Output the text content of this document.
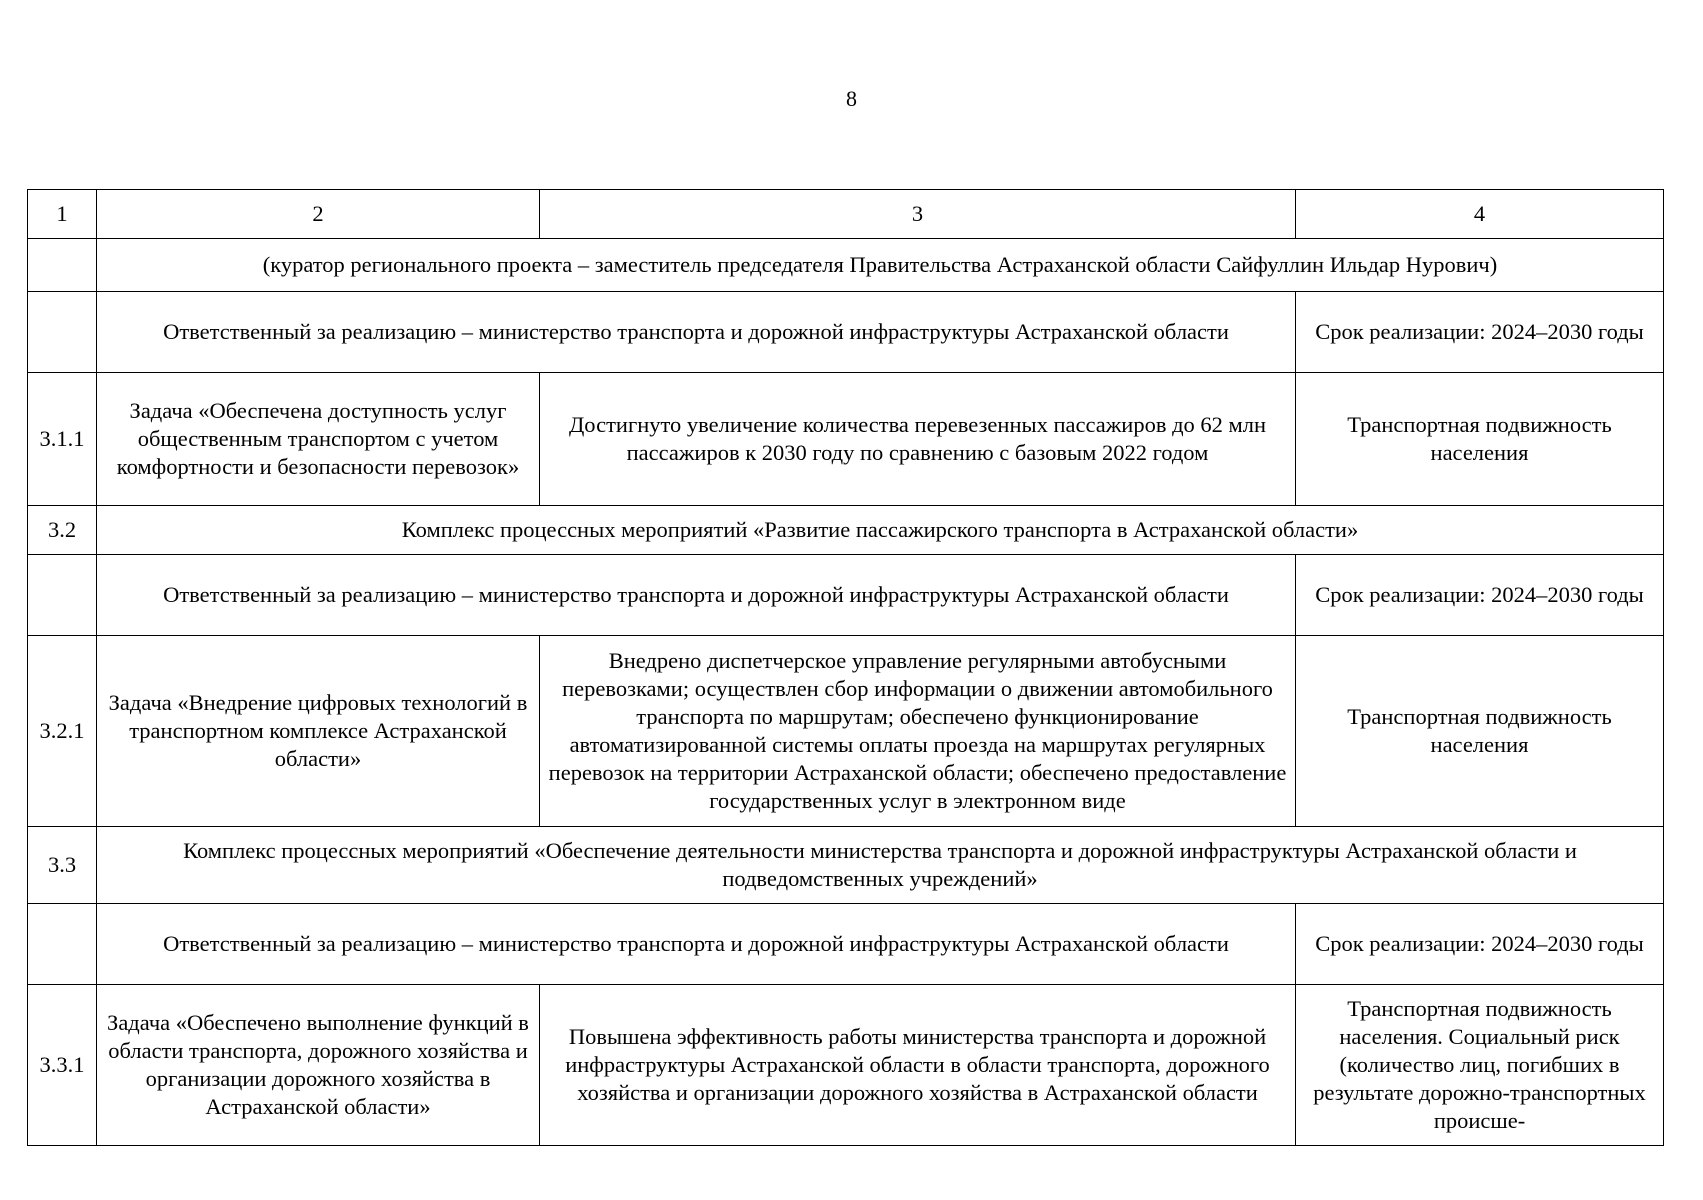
8
1	2	3	4
	(куратор регионального проекта – заместитель председателя Правительства Астраханской области Сайфуллин Ильдар Нурович)		
	Ответственный за реализацию – министерство транспорта и дорожной инфраструктуры Астраханской области		Срок реализации: 2024–2030 годы
3.1.1	Задача «Обеспечена доступность услуг общественным транспортом с учетом комфортности и безопасности перевозок»	Достигнуто увеличение количества перевезенных пассажиров до 62 млн пассажиров к 2030 году по сравнению с базовым 2022 годом	Транспортная подвижность населения
3.2	Комплекс процессных мероприятий «Развитие пассажирского транспорта в Астраханской области»		
	Ответственный за реализацию – министерство транспорта и дорожной инфраструктуры Астраханской области		Срок реализации: 2024–2030 годы
3.2.1	Задача «Внедрение цифровых технологий в транспортном комплексе Астраханской области»	Внедрено диспетчерское управление регулярными автобусными перевозками; осуществлен сбор информации о движении автомобильного транспорта по маршрутам; обеспечено функционирование автоматизированной системы оплаты проезда на маршрутах регулярных перевозок на территории Астраханской области; обеспечено предоставление государственных услуг в электронном виде	Транспортная подвижность населения
3.3	Комплекс процессных мероприятий «Обеспечение деятельности министерства транспорта и дорожной инфраструктуры Астраханской области и подведомственных учреждений»		
	Ответственный за реализацию – министерство транспорта и дорожной инфраструктуры Астраханской области		Срок реализации: 2024–2030 годы
3.3.1	Задача «Обеспечено выполнение функций в области транспорта, дорожного хозяйства и организации дорожного хозяйства в Астраханской области»	Повышена эффективность работы министерства транспорта и дорожной инфраструктуры Астраханской области в области транспорта, дорожного хозяйства и организации дорожного хозяйства в Астраханской области	Транспортная подвижность населения. Социальный риск (количество лиц, погибших в результате дорожно-транспортных происше-
